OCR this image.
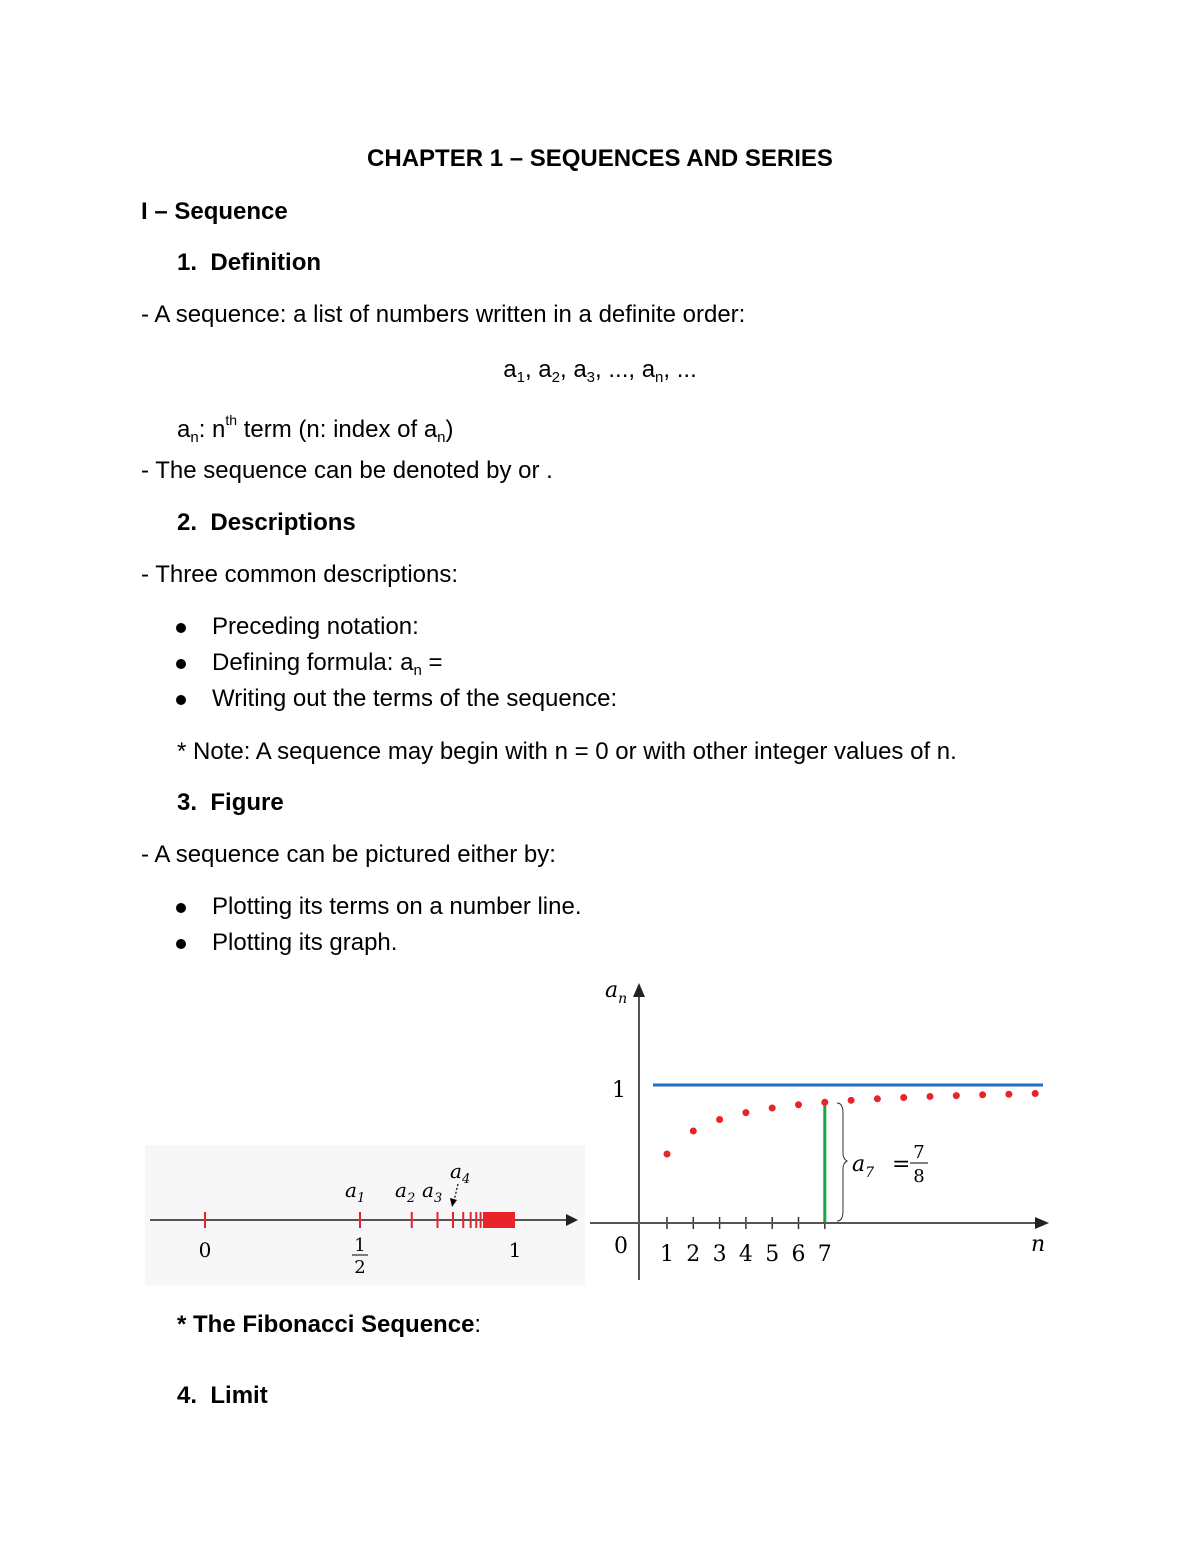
CHAPTER 1 – SEQUENCES AND SERIES
I – Sequence
1. Definition
- A sequence: a list of numbers written in a definite order:
$a_1$, $a_2$, $a_3$, ..., $a_n$, ...
$a_n$: $n^{th}$ term (n: index of $a_n$)
- The sequence can be denoted by or .
2. Descriptions
- Three common descriptions:
Preceding notation:
Defining formula: $a_n$ =
Writing out the terms of the sequence:
* Note: A sequence may begin with n = 0 or with other integer values of n.
3. Figure
- A sequence can be pictured either by:
Plotting its terms on a number line.
Plotting its graph.
0	1
2
1
$a_1$ $a_2$ $a_3$
$a_4$
1 2 3 4 5 6 7
$a_n$
n
0
1
$a_7 = 7$
8
* The Fibonacci Sequence:
4. Limit
